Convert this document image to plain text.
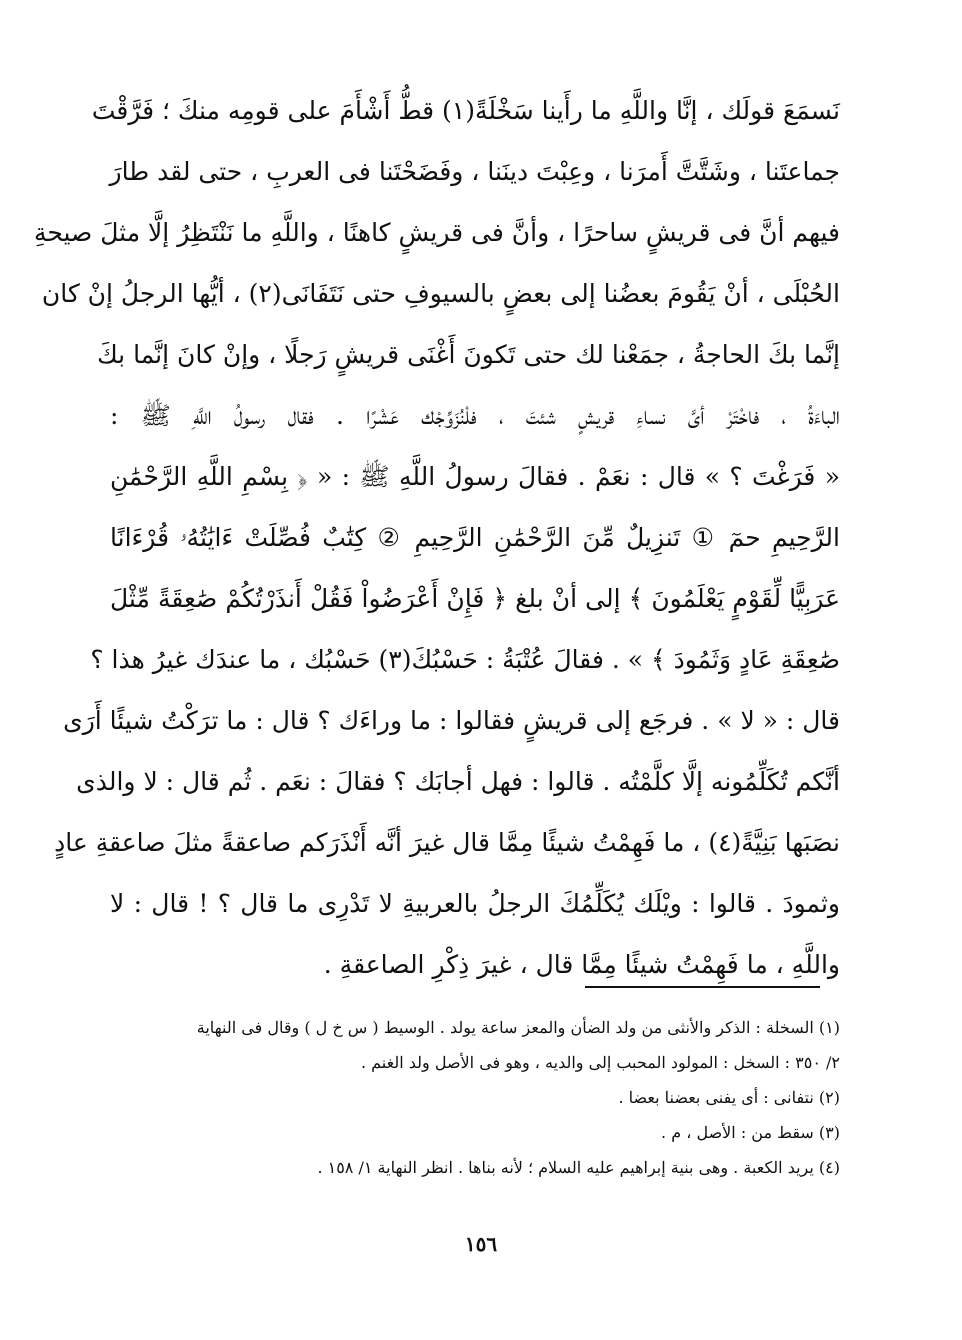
نَسمَعَ قولَك ، إنَّا واللَّهِ ما رأَينا سَخْلَةً(١) قطُّ أَشْأَمَ على قومِه منكَ ؛ فَرَّقْتَ
جماعتَنا ، وشَتَّتَّ أَمرَنا ، وعِبْتَ دينَنا ، وفَضَحْتَنا فى العربِ ، حتى لقد طارَ
فيهم أنَّ فى قريشٍ ساحرًا ، وأنَّ فى قريشٍ كاهنًا ، واللَّهِ ما نَنْتَظِرُ إلَّا مثلَ صيحةِ
الحُبْلَى ، أنْ يَقُومَ بعضُنا إلى بعضٍ بالسيوفِ حتى نَتَفَانَى(٢) ، أيُّها الرجلُ إنْ كان
إنَّما بكَ الحاجةُ ، جمَعْنا لك حتى تَكونَ أَغْنَى قريشٍ رَجلًا ، وإنْ كانَ إنَّما بكَ
الباءَةُ ، فاخْتَرْ أىَّ نساءِ قريشٍ شئتَ ، فلْنُزَوِّجْك عَشْرًا . فقال رسولُ اللَّهِ ﷺ :
« فَرَغْتَ ؟ » قال : نعَمْ . فقالَ رسولُ اللَّهِ ﷺ : « ﴿ بِسْمِ اللَّهِ الرَّحْمَٰنِ
الرَّحِيمِ حمٓ ① تَنزِيلٌ مِّنَ الرَّحْمَٰنِ الرَّحِيمِ ② كِتَٰبٌ فُصِّلَتْ ءَايَٰتُهُۥ قُرْءَانًا
عَرَبِيًّا لِّقَوْمٍ يَعْلَمُونَ ﴾ إلى أنْ بلغ ﴿ فَإِنْ أَعْرَضُواْ فَقُلْ أَنذَرْتُكُمْ صَٰعِقَةً مِّثْلَ
صَٰعِقَةِ عَادٍ وَثَمُودَ ﴾ » . فقالَ عُتْبَةُ : حَسْبُكَ(٣) حَسْبُك ، ما عندَك غيرُ هذا ؟
قال : « لا » . فرجَع إلى قريشٍ فقالوا : ما وراءَك ؟ قال : ما ترَكْتُ شيئًا أَرَى
أنَّكم تُكَلِّمُونه إلَّا كلَّمْتُه . قالوا : فهل أجابَك ؟ فقالَ : نعَم . ثُم قال : لا والذى
نصَبَها بَنِيَّةً(٤) ، ما فَهِمْتُ شيئًا مِمَّا قال غيرَ أنَّه أَنْذَرَكم صاعقةً مثلَ صاعقةِ عادٍ
وثمودَ . قالوا : ويْلَك يُكَلِّمُكَ الرجلُ بالعربيةِ لا تَدْرِى ما قال ؟ ! قال : لا
واللَّهِ ، ما فَهِمْتُ شيئًا مِمَّا قال ، غيرَ ذِكْرِ الصاعقةِ .
(١) السخلة : الذكر والأنثى من ولد الضأن والمعز ساعة يولد . الوسيط ( س خ ل ) وقال فى النهاية
٢/ ٣٥٠ : السخل : المولود المحبب إلى والديه ، وهو فى الأصل ولد الغنم .
(٢) نتفانى : أى يفنى بعضنا بعضا .
(٣) سقط من : الأصل ، م .
(٤) يريد الكعبة . وهى بنية إبراهيم عليه السلام ؛ لأنه بناها . انظر النهاية ١/ ١٥٨ .
١٥٦
